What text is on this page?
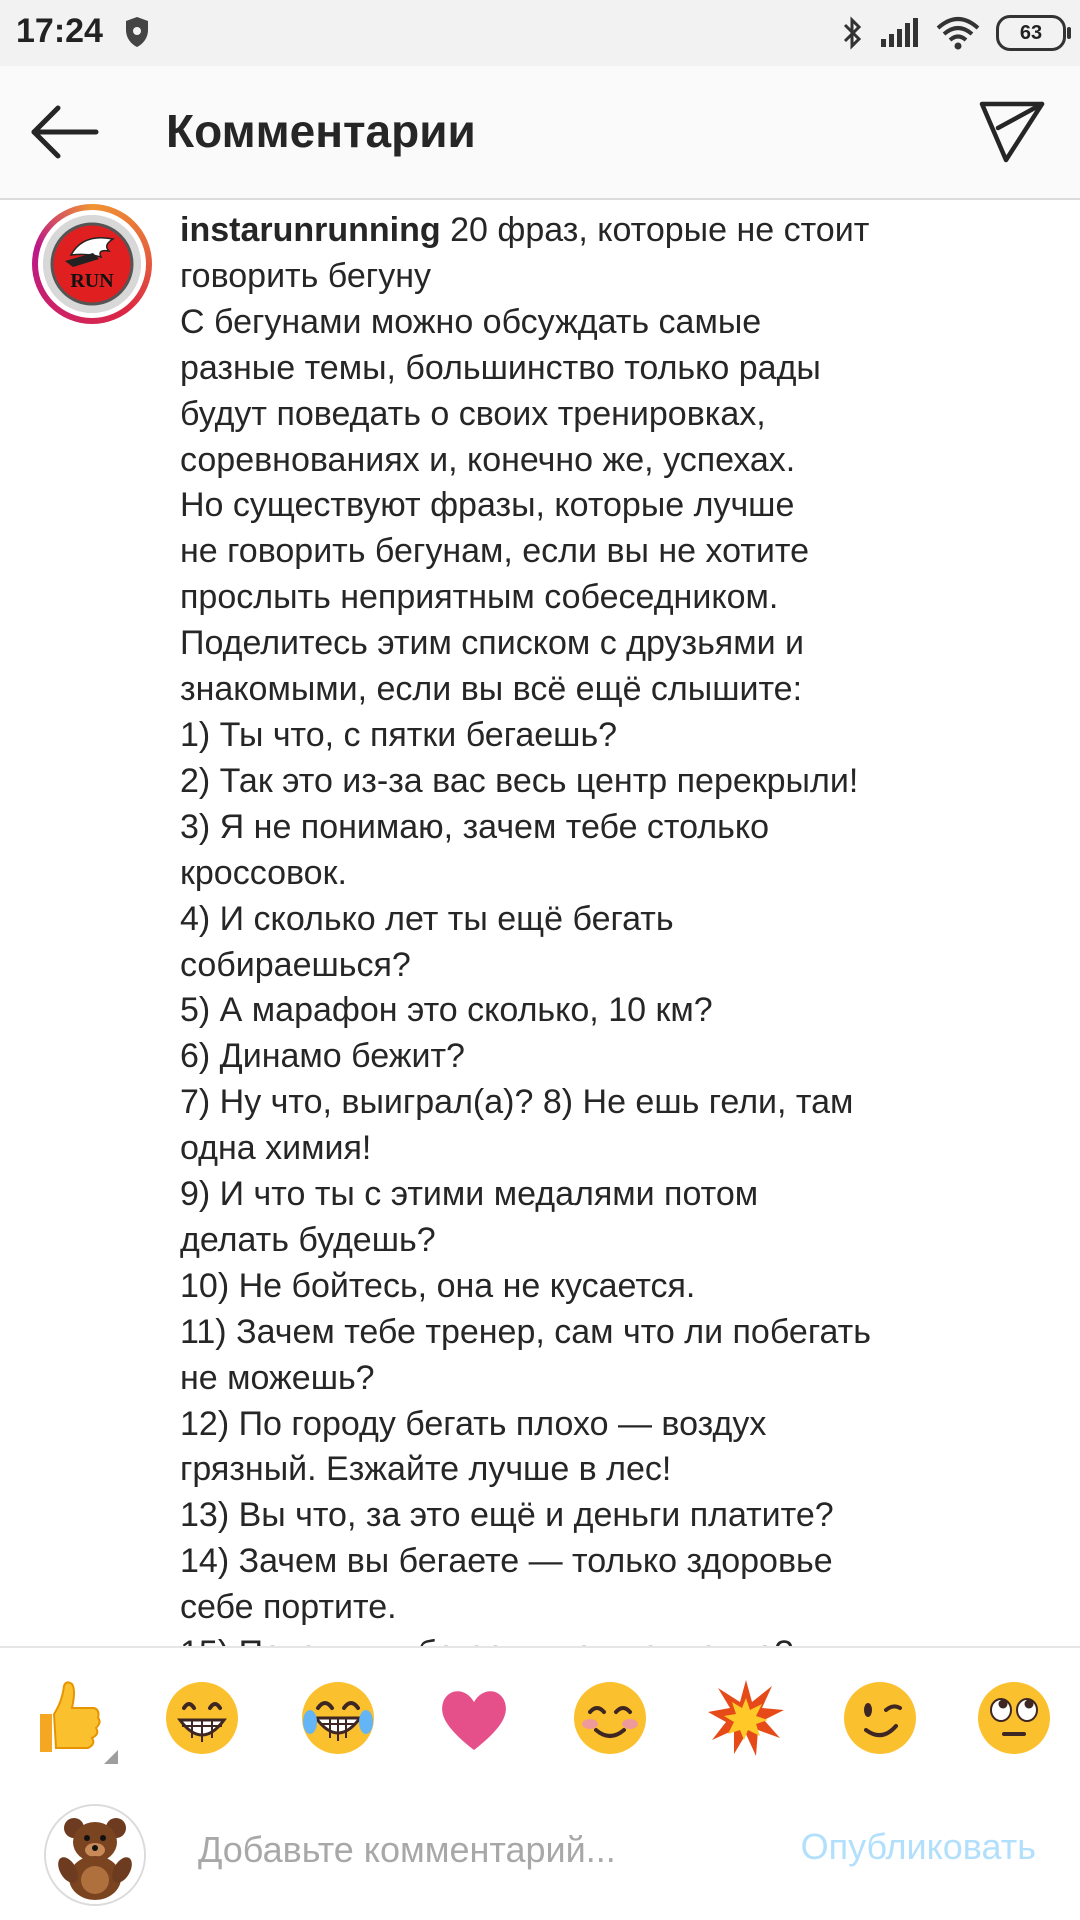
17:24	63
Комментарии
RUN
instarunrunning 20 фраз, которые не стоит
говорить бегуну
С бегунами можно обсуждать самые
разные темы, большинство только рады
будут поведать о своих тренировках,
соревнованиях и, конечно же, успехах.
Но существуют фразы, которые лучше
не говорить бегунам, если вы не хотите
прослыть неприятным собеседником.
Поделитесь этим списком с друзьями и
знакомыми, если вы всё ещё слышите:
1) Ты что, с пятки бегаешь?
2) Так это из-за вас весь центр перекрыли!
3) Я не понимаю, зачем тебе столько
кроссовок.
4) И сколько лет ты ещё бегать
собираешься?
5) А марафон это сколько, 10 км?
6) Динамо бежит?
7) Ну что, выиграл(а)? 8) Не ешь гели, там
одна химия!
9) И что ты с этими медалями потом
делать будешь?
10) Не бойтесь, она не кусается.
11) Зачем тебе тренер, сам что ли побегать
не можешь?
12) По городу бегать плохо — воздух
грязный. Езжайте лучше в лес!
13) Вы что, за это ещё и деньги платите?
14) Зачем вы бегаете — только здоровье
себе портите.

Добавьте комментарий...
Опубликовать
